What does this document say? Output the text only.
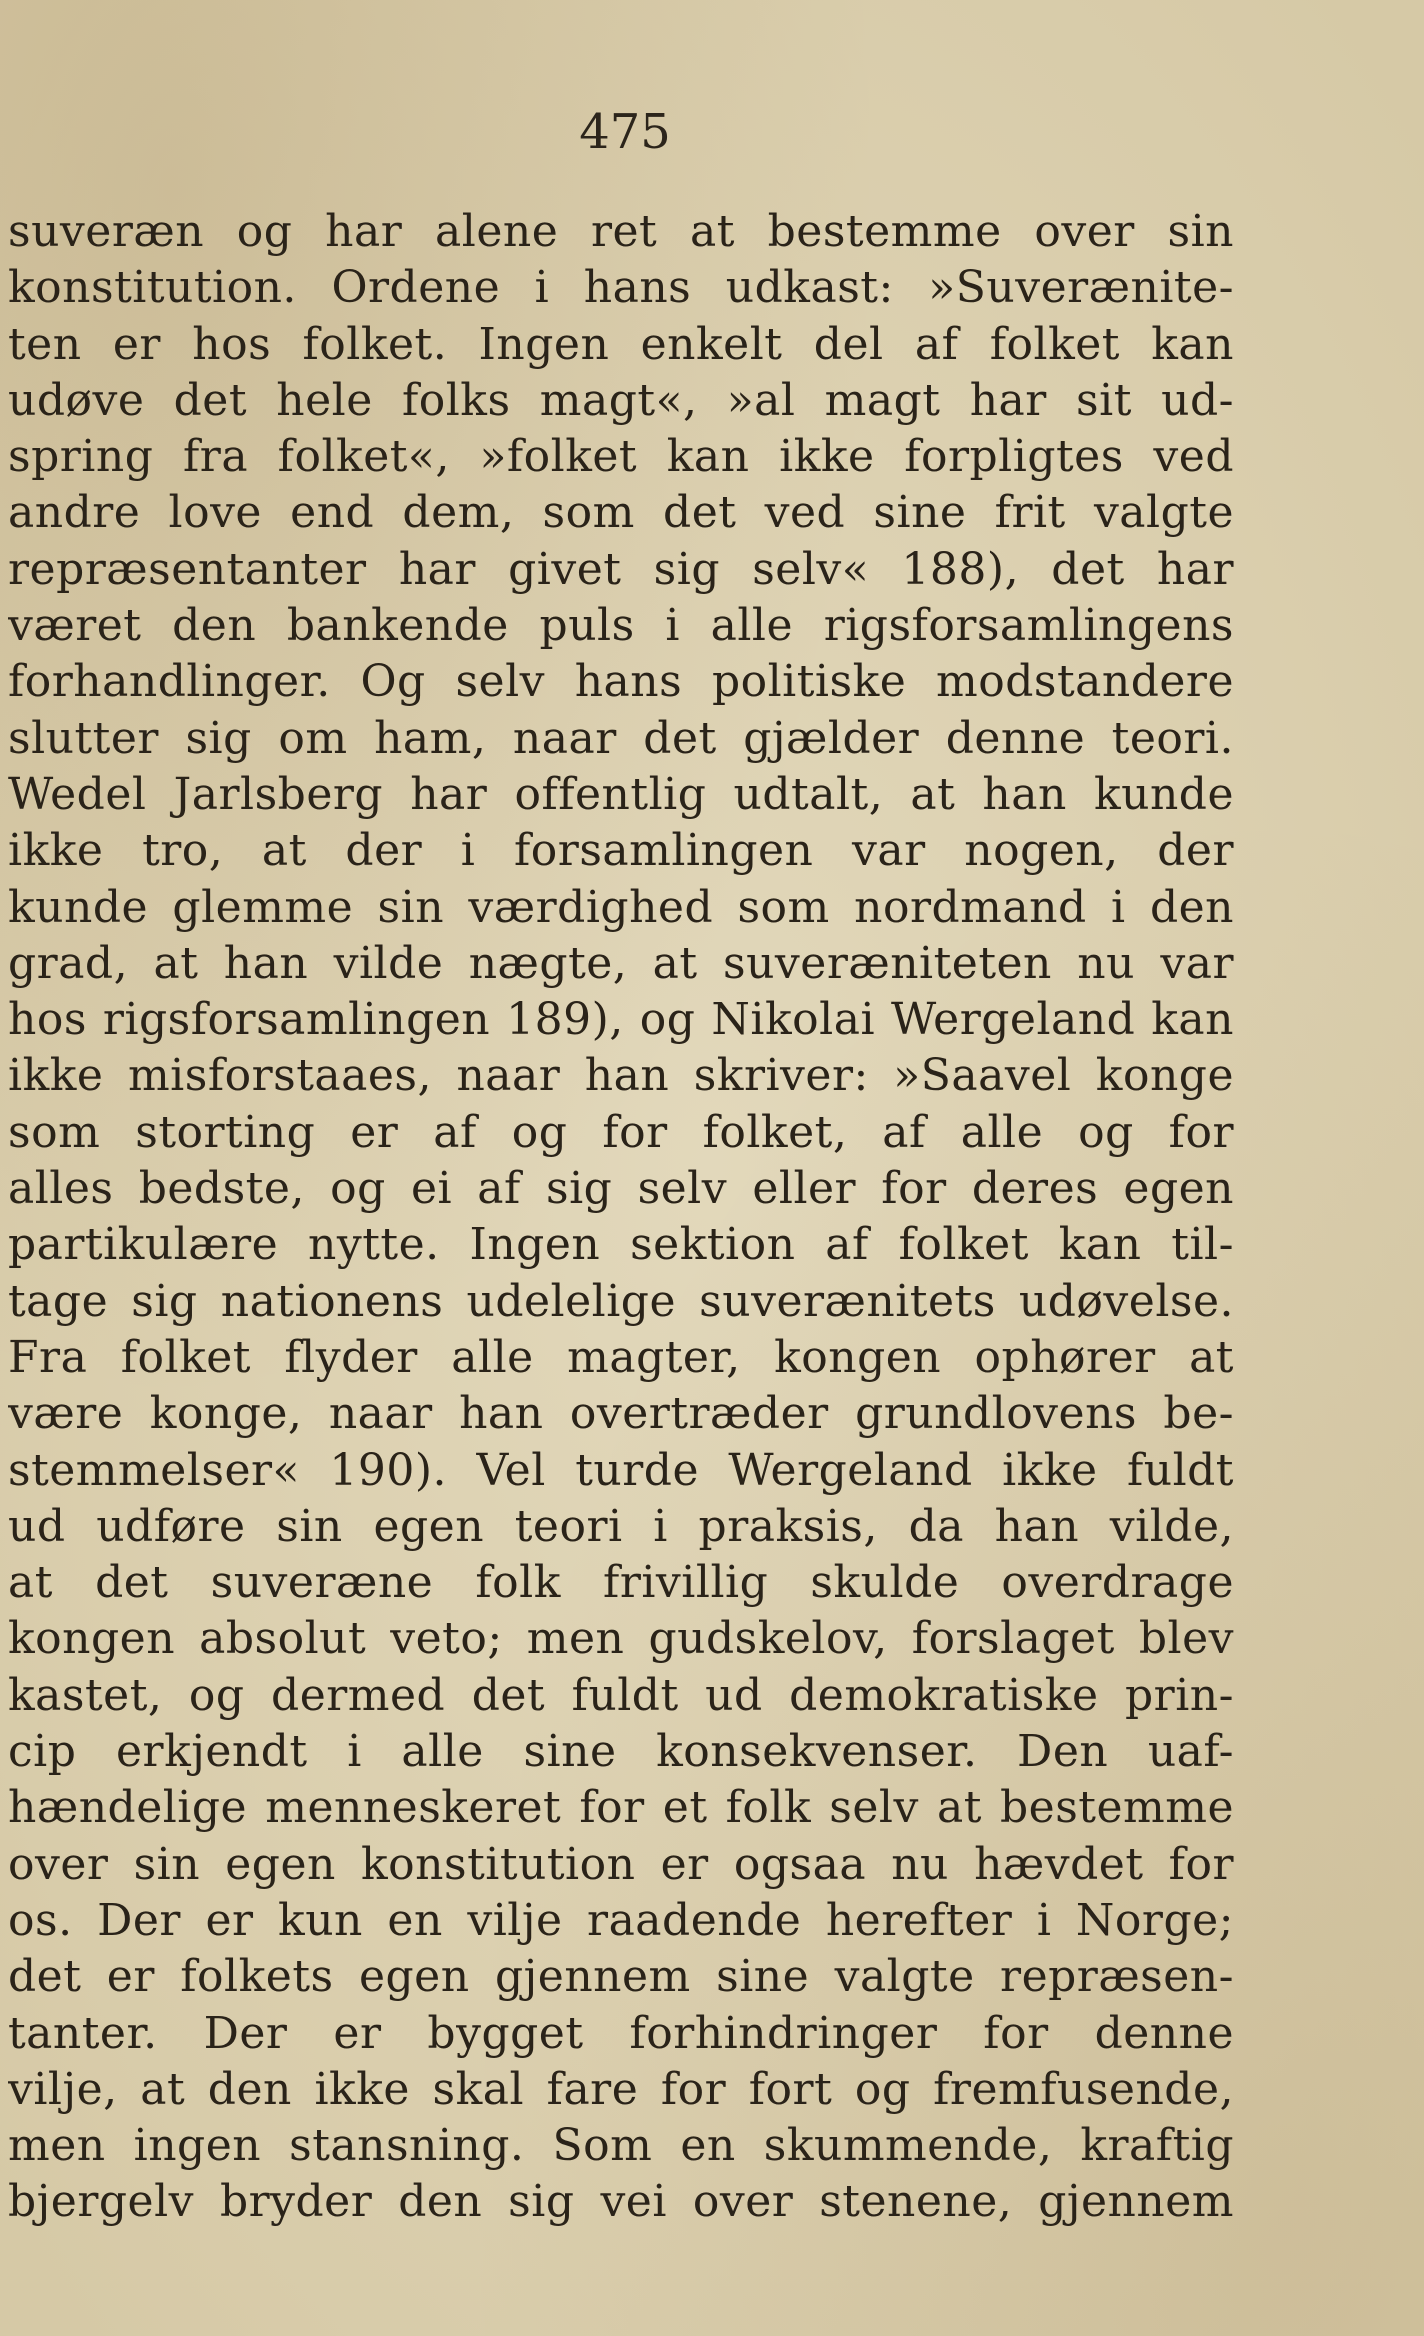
475
suveræn og har alene ret at bestemme over sin
konstitution. Ordene i hans udkast: »Suverænite-
ten er hos folket. Ingen enkelt del af folket kan
udøve det hele folks magt«, »al magt har sit ud-
spring fra folket«, »folket kan ikke forpligtes ved
andre love end dem, som det ved sine frit valgte
repræsentanter har givet sig selv« 188), det har
været den bankende puls i alle rigsforsamlingens
forhandlinger. Og selv hans politiske modstandere
slutter sig om ham, naar det gjælder denne teori.
Wedel Jarlsberg har offentlig udtalt, at han kunde
ikke tro, at der i forsamlingen var nogen, der
kunde glemme sin værdighed som nordmand i den
grad, at han vilde nægte, at suveræniteten nu var
hos rigsforsamlingen 189), og Nikolai Wergeland kan
ikke misforstaaes, naar han skriver: »Saavel konge
som storting er af og for folket, af alle og for
alles bedste, og ei af sig selv eller for deres egen
partikulære nytte. Ingen sektion af folket kan til-
tage sig nationens udelelige suverænitets udøvelse.
Fra folket flyder alle magter, kongen ophører at
være konge, naar han overtræder grundlovens be-
stemmelser« 190). Vel turde Wergeland ikke fuldt
ud udføre sin egen teori i praksis, da han vilde,
at det suveræne folk frivillig skulde overdrage
kongen absolut veto; men gudskelov, forslaget blev
kastet, og dermed det fuldt ud demokratiske prin-
cip erkjendt i alle sine konsekvenser. Den uaf-
hændelige menneskeret for et folk selv at bestemme
over sin egen konstitution er ogsaa nu hævdet for
os. Der er kun en vilje raadende herefter i Norge;
det er folkets egen gjennem sine valgte repræsen-
tanter. Der er bygget forhindringer for denne
vilje, at den ikke skal fare for fort og fremfusende,
men ingen stansning. Som en skummende, kraftig
bjergelv bryder den sig vei over stenene, gjennem
